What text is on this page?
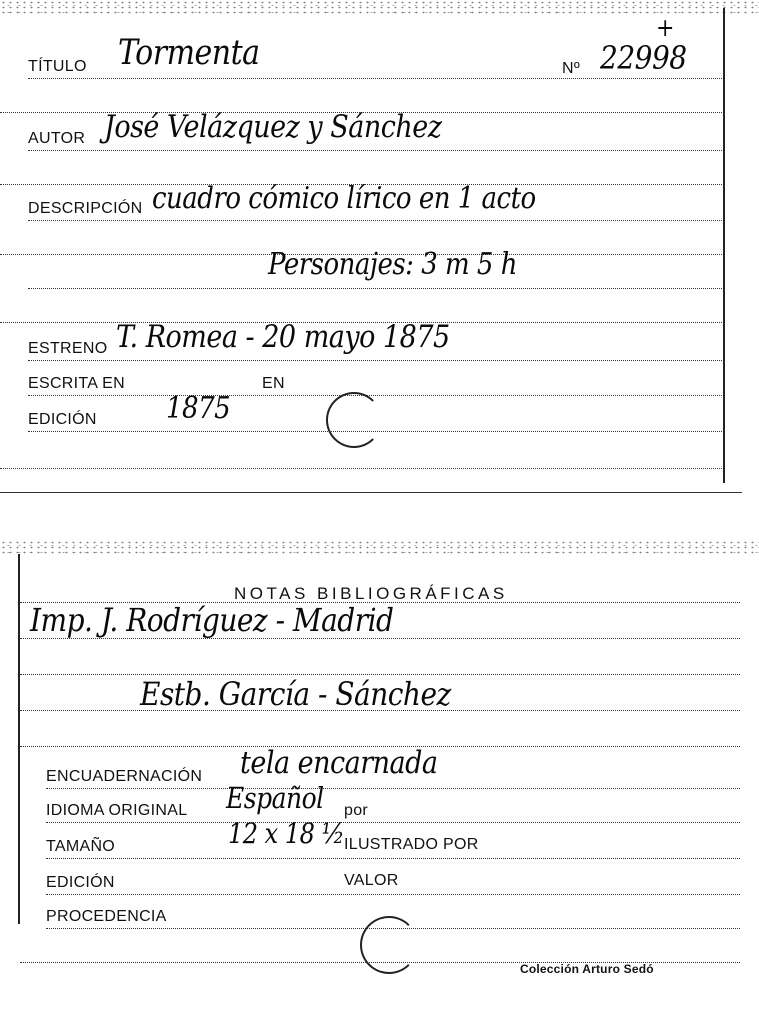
TÍTULO Tormenta	Nº 22998
+
AUTOR José Velázquez y Sánchez
DESCRIPCIÓN cuadro cómico lírico en 1 acto
Personajes: 3 m 5 h
ESTRENO T. Romea - 20 mayo 1875
ESCRITA EN	EN
EDICIÓN	1875
NOTAS BIBLIOGRÁFICAS
Imp. J. Rodríguez - Madrid
Estb. García - Sánchez
ENCUADERNACIÓN tela encarnada
IDIOMA ORIGINAL Español por
TAMAÑO	12 x 18 ½ ILUSTRADO POR
EDICIÓN	VALOR
PROCEDENCIA
Colección Arturo Sedó
